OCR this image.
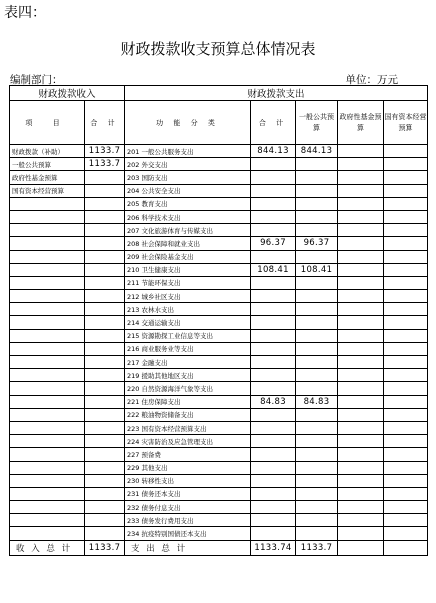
表四：
财政拨款收支预算总体情况表
编制部门：	单位：万元
财政拨款收入		财政拨款支出				
项 目	合 计	功 能 分 类	合 计	一般公共预算	政府性基金预算	国有资本经营预算
财政拨款（补助）	1133.7	201 一般公共服务支出	844.13	844.13		
一般公共预算	1133.7	202 外交支出				
政府性基金预算		203 国防支出				
国有资本经营预算		204 公共安全支出				
		205 教育支出				
		206 科学技术支出				
		207 文化旅游体育与传媒支出				
		208 社会保障和就业支出	96.37	96.37		
		209 社会保险基金支出				
		210 卫生健康支出	108.41	108.41		
		211 节能环保支出				
		212 城乡社区支出				
		213 农林水支出				
		214 交通运输支出				
		215 资源勘探工业信息等支出				
		216 商业服务业等支出				
		217 金融支出				
		219 援助其他地区支出				
		220 自然资源海洋气象等支出				
		221 住房保障支出	84.83	84.83		
		222 粮油物资储备支出				
		223 国有资本经营预算支出				
		224 灾害防治及应急管理支出				
		227 预备费				
		229 其他支出				
		230 转移性支出				
		231 债务还本支出				
		232 债务付息支出				
		233 债务发行费用支出				
		234 抗疫特别国债还本支出				
收 入 总 计	1133.7	支 出 总 计	1133.74	1133.7		
